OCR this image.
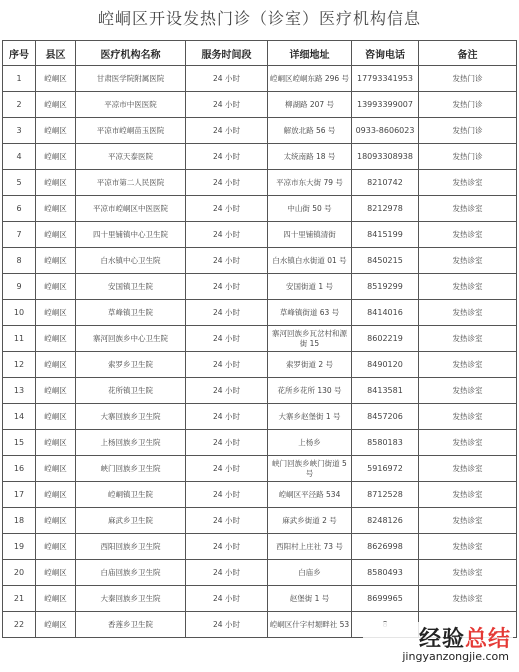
崆峒区开设发热门诊（诊室）医疗机构信息
序号	县区	医疗机构名称	服务时间段	详细地址	咨询电话	备注
1	崆峒区	甘肃医学院附属医院	24 小时	崆峒区崆峒东路 296 号	17793341953	发热门诊
2	崆峒区	平凉市中医医院	24 小时	柳湖路 207 号	13993399007	发热门诊
3	崆峒区	平凉市崆峒苗玉医院	24 小时	解放北路 56 号	0933-8606023	发热门诊
4	崆峒区	平凉天泰医院	24 小时	太统南路 18 号	18093308938	发热门诊
5	崆峒区	平凉市第二人民医院	24 小时	平凉市东大街 79 号	8210742	发热诊室
6	崆峒区	平凉市崆峒区中医医院	24 小时	中山街 50 号	8212978	发热诊室
7	崆峒区	四十里铺镇中心卫生院	24 小时	四十里铺镇清街	8415199	发热诊室
8	崆峒区	白水镇中心卫生院	24 小时	白水镇白水街道 01 号	8450215	发热诊室
9	崆峒区	安国镇卫生院	24 小时	安国街道 1 号	8519299	发热诊室
10	崆峒区	草峰镇卫生院	24 小时	草峰镇街道 63 号	8414016	发热诊室
11	崆峒区	寨河回族乡中心卫生院	24 小时	寨河回族乡瓦岔村和源街 15	8602219	发热诊室
12	崆峒区	索罗乡卫生院	24 小时	索罗街道 2 号	8490120	发热诊室
13	崆峒区	花所镇卫生院	24 小时	花所乡花所 130 号	8413581	发热诊室
14	崆峒区	大寨回族乡卫生院	24 小时	大寨乡赵堡街 1 号	8457206	发热诊室
15	崆峒区	上杨回族乡卫生院	24 小时	上杨乡	8580183	发热诊室
16	崆峒区	峡门回族乡卫生院	24 小时	峡门回族乡峡门街道 5 号	5916972	发热诊室
17	崆峒区	崆峒镇卫生院	24 小时	崆峒区平泾路 534	8712528	发热诊室
18	崆峒区	麻武乡卫生院	24 小时	麻武乡街道 2 号	8248126	发热诊室
19	崆峒区	西阳回族乡卫生院	24 小时	西阳村上庄社 73 号	8626998	发热诊室
20	崆峒区	白庙回族乡卫生院	24 小时	白庙乡	8580493	发热诊室
21	崆峒区	大秦回族乡卫生院	24 小时	赵堡街 1 号	8699965	发热诊室
22	崆峒区	香莲乡卫生院	24 小时	崆峒区什字村塬畔社 53		
经验总结
jingyanzongjie.com
